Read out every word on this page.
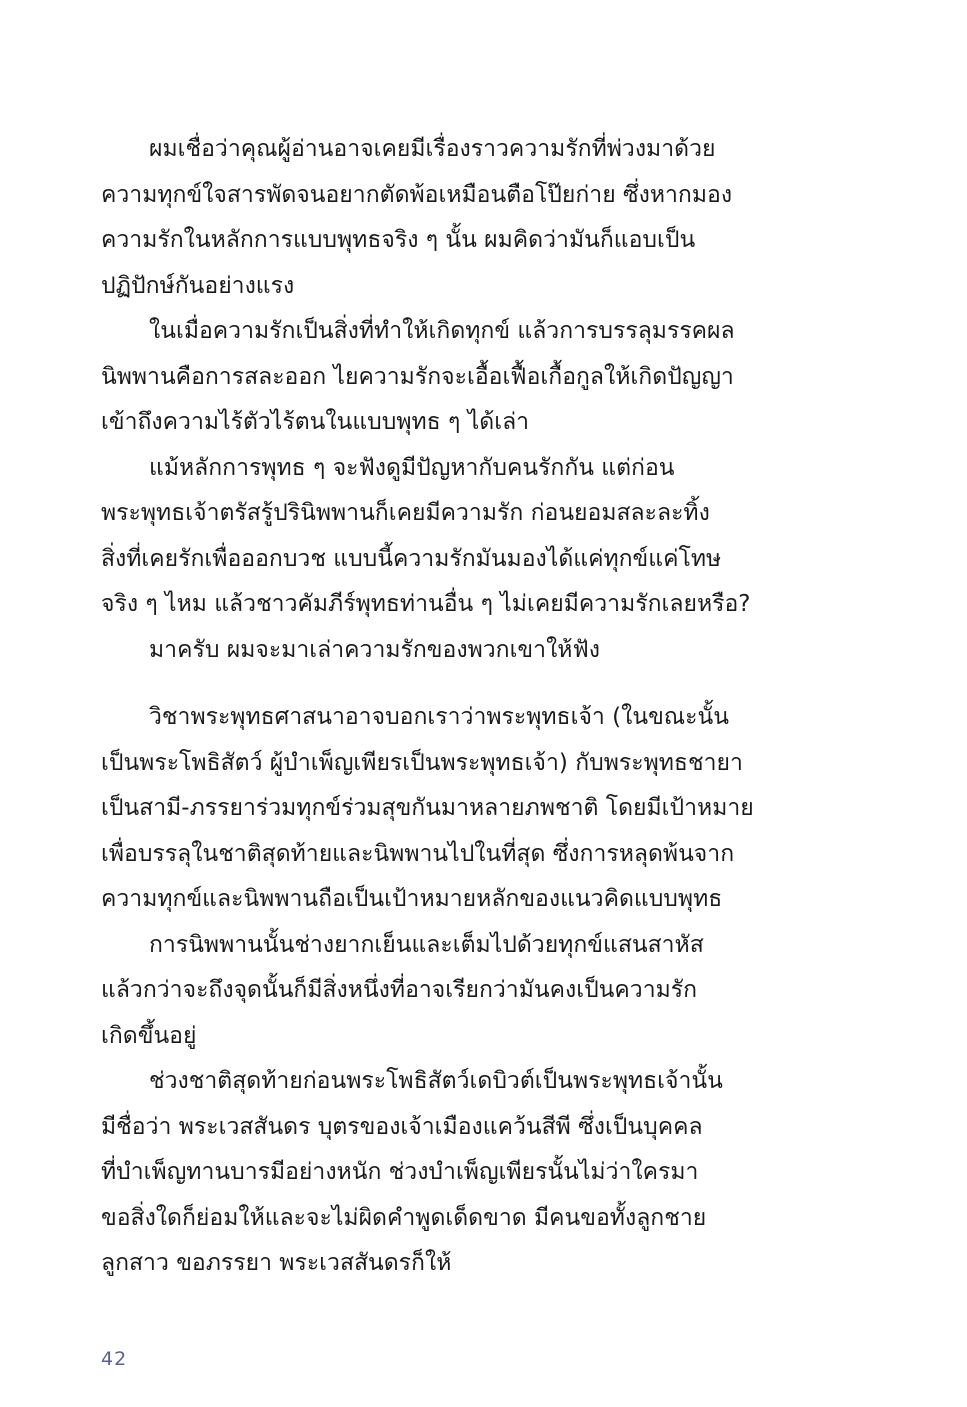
ผมเชื่อว่าคุณผู้อ่านอาจเคยมีเรื่องราวความรักที่พ่วงมาด้วย
ความทุกข์ใจสารพัดจนอยากตัดพ้อเหมือนตือโป๊ยก่าย ซึ่งหากมอง
ความรักในหลักการแบบพุทธจริง ๆ นั้น ผมคิดว่ามันก็แอบเป็น
ปฏิปักษ์กันอย่างแรง
ในเมื่อความรักเป็นสิ่งที่ทำให้เกิดทุกข์ แล้วการบรรลุมรรคผล
นิพพานคือการสละออก ไยความรักจะเอื้อเฟื้อเกื้อกูลให้เกิดปัญญา
เข้าถึงความไร้ตัวไร้ตนในแบบพุทธ ๆ ได้เล่า
แม้หลักการพุทธ ๆ จะฟังดูมีปัญหากับคนรักกัน แต่ก่อน
พระพุทธเจ้าตรัสรู้ปรินิพพานก็เคยมีความรัก ก่อนยอมสละละทิ้ง
สิ่งที่เคยรักเพื่อออกบวช แบบนี้ความรักมันมองได้แค่ทุกข์แค่โทษ
จริง ๆ ไหม แล้วชาวคัมภีร์พุทธท่านอื่น ๆ ไม่เคยมีความรักเลยหรือ?
มาครับ ผมจะมาเล่าความรักของพวกเขาให้ฟัง
วิชาพระพุทธศาสนาอาจบอกเราว่าพระพุทธเจ้า (ในขณะนั้น
เป็นพระโพธิสัตว์ ผู้บำเพ็ญเพียรเป็นพระพุทธเจ้า) กับพระพุทธชายา
เป็นสามี-ภรรยาร่วมทุกข์ร่วมสุขกันมาหลายภพชาติ โดยมีเป้าหมาย
เพื่อบรรลุในชาติสุดท้ายและนิพพานไปในที่สุด ซึ่งการหลุดพ้นจาก
ความทุกข์และนิพพานถือเป็นเป้าหมายหลักของแนวคิดแบบพุทธ
การนิพพานนั้นช่างยากเย็นและเต็มไปด้วยทุกข์แสนสาหัส
แล้วกว่าจะถึงจุดนั้นก็มีสิ่งหนึ่งที่อาจเรียกว่ามันคงเป็นความรัก
เกิดขึ้นอยู่
ช่วงชาติสุดท้ายก่อนพระโพธิสัตว์เดบิวต์เป็นพระพุทธเจ้านั้น
มีชื่อว่า พระเวสสันดร บุตรของเจ้าเมืองแคว้นสีพี ซึ่งเป็นบุคคล
ที่บำเพ็ญทานบารมีอย่างหนัก ช่วงบำเพ็ญเพียรนั้นไม่ว่าใครมา
ขอสิ่งใดก็ย่อมให้และจะไม่ผิดคำพูดเด็ดขาด มีคนขอทั้งลูกชาย
ลูกสาว ขอภรรยา พระเวสสันดรก็ให้
42
